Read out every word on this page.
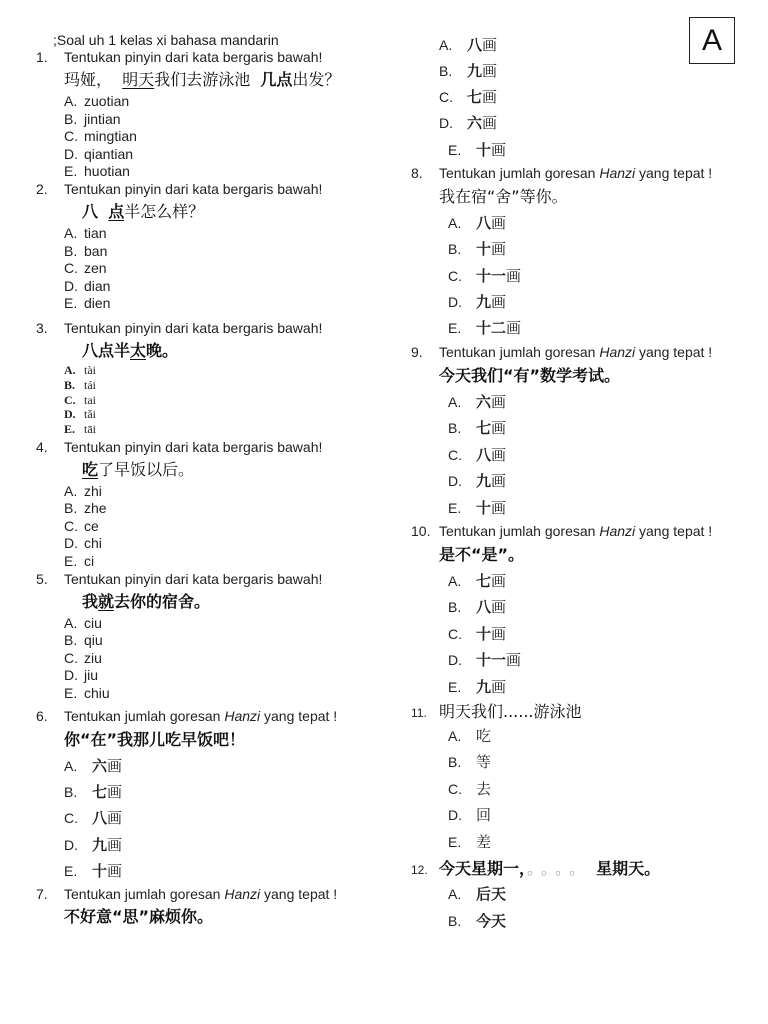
;Soal uh 1 kelas xi bahasa mandarin	A
1. Tentukan pinyin dari kata bergaris bawah!
玛娅， 明天我们去游泳池 几点出发？
A. zuotian
B. jintian
C. mingtian
D. qiantian
E. huotian
2. Tentukan pinyin dari kata bergaris bawah!
八 点半怎么样？
A. tian
B. ban
C. zen
D. dian
E. dien
3. Tentukan pinyin dari kata bergaris bawah!
八点半太晚。
A. tài
B. tái
C. tai
D. tăi
E. tāi
4. Tentukan pinyin dari kata bergaris bawah!
吃了早饭以后。
A. zhi
B. zhe
C. ce
D. chi
E. ci
5. Tentukan pinyin dari kata bergaris bawah!
我就去你的宿舍。
A. ciu
B. qiu
C. ziu
D. jiu
E. chiu
6. Tentukan jumlah goresan Hanzi yang tepat !
你“在”我那儿吃早饭吧！
A. 六画
B. 七画
C. 八画
D. 九画
E. 十画
7. Tentukan jumlah goresan Hanzi yang tepat !
不好意“思”麻烦你。
A. 八画
B. 九画
C. 七画
D. 六画
E. 十画
8. Tentukan jumlah goresan Hanzi yang tepat !
我在宿“舍”等你。
A. 八画
B. 十画
C. 十一画
D. 九画
E. 十二画
9. Tentukan jumlah goresan Hanzi yang tepat !
今天我们“有”数学考试。
A. 六画
B. 七画
C. 八画
D. 九画
E. 十画
10. Tentukan jumlah goresan Hanzi yang tepat !
是不“是”。
A. 七画
B. 八画
C. 十画
D. 十一画
E. 九画
11. 明天我们......游泳池
A. 吃
B. 等
C. 去
D. 回
E. 差
12. 今天星期一，。。。。 星期天。
A. 后天
B. 今天
